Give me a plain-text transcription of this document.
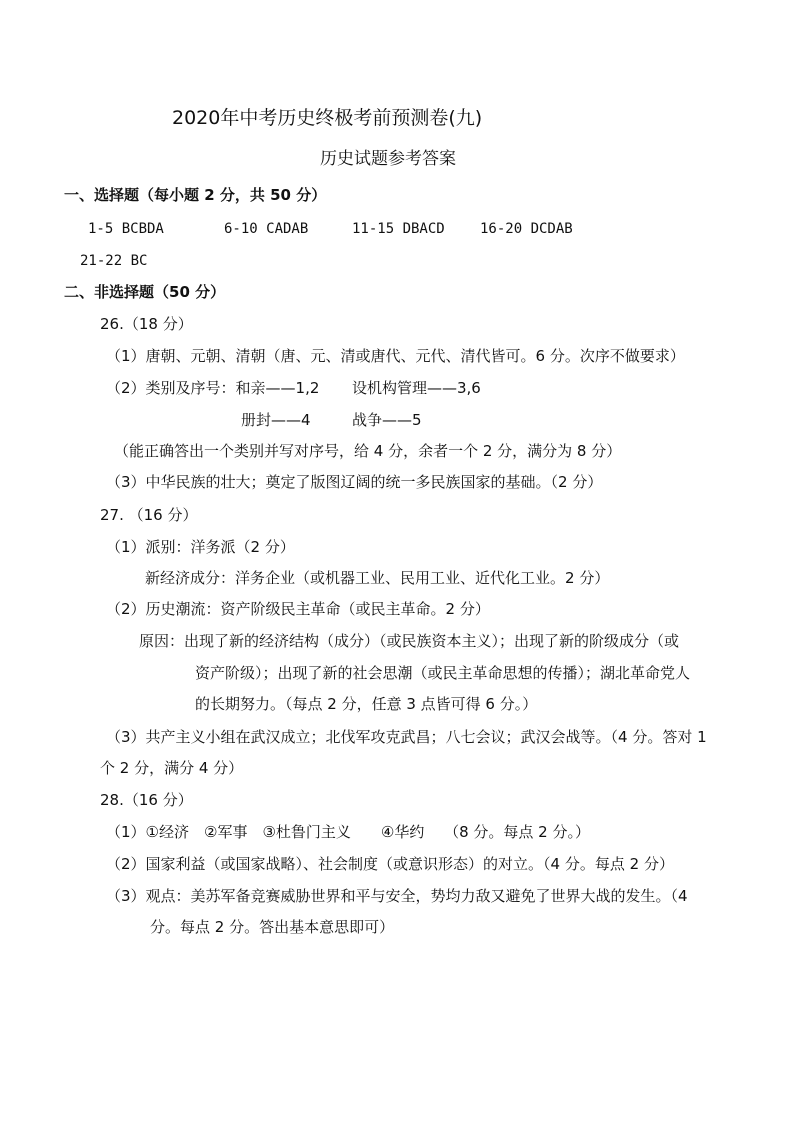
2020年中考历史终极考前预测卷(九)
历史试题参考答案
一、选择题（每小题 2 分，共 50 分）
1-5 BCBDA	6-10 CADAB	11-15 DBACD	16-20 DCDAB
21-22 BC
二、非选择题（50 分）
26.（18 分）
（1）唐朝、元朝、清朝（唐、元、清或唐代、元代、清代皆可。6 分。次序不做要求）
（2）类别及序号：和亲——1,2 设机构管理——3,6
册封——4	战争——5
（能正确答出一个类别并写对序号，给 4 分，余者一个 2 分，满分为 8 分）
（3）中华民族的壮大；奠定了版图辽阔的统一多民族国家的基础。（2 分）
27. （16 分）
（1）派别：洋务派（2 分）
新经济成分：洋务企业（或机器工业、民用工业、近代化工业。2 分）
（2）历史潮流：资产阶级民主革命（或民主革命。2 分）
原因：出现了新的经济结构（成分）（或民族资本主义）；出现了新的阶级成分（或
资产阶级）；出现了新的社会思潮（或民主革命思想的传播）；湖北革命党人
的长期努力。（每点 2 分，任意 3 点皆可得 6 分。）
（3）共产主义小组在武汉成立；北伐军攻克武昌；八七会议；武汉会战等。（4 分。答对 1
个 2 分，满分 4 分）
28.（16 分）
（1）①经济　②军事　③杜鲁门主义　　④华约　 （8 分。每点 2 分。）
（2）国家利益（或国家战略）、社会制度（或意识形态）的对立。（4 分。每点 2 分）
（3）观点：美苏军备竞赛威胁世界和平与安全，势均力敌又避免了世界大战的发生。（4
分。每点 2 分。答出基本意思即可）
